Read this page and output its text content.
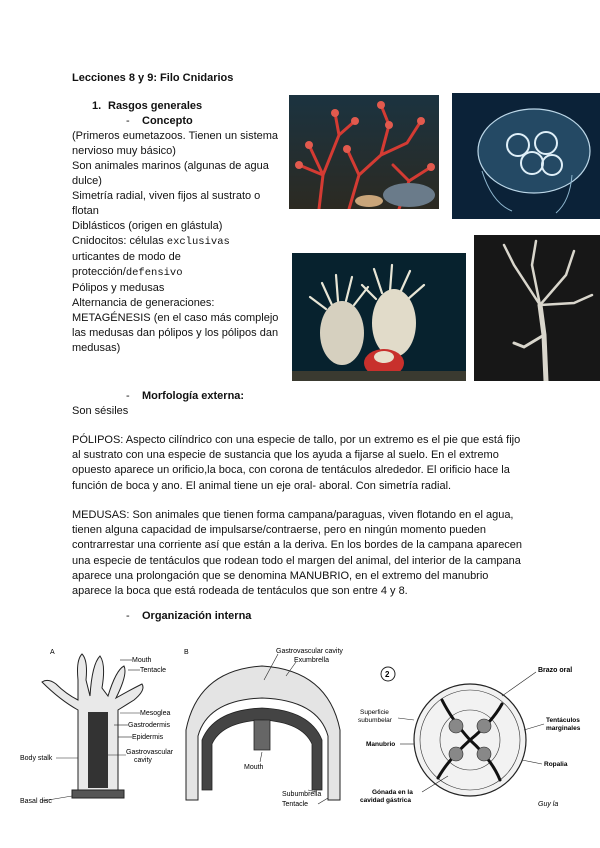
Lecciones 8 y 9: Filo Cnidarios
1. Rasgos generales
- Concepto
(Primeros eumetazoos. Tienen un sistema
nervioso muy básico)
Son animales marinos (algunas de agua
dulce)
Simetría radial, viven fijos al sustrato o
flotan
Diblásticos (origen en glástula)
Cnidocitos: células exclusivas
urticantes de modo de
protección/defensivo
Pólipos y medusas
Alternancia de generaciones:
METAGÉNESIS (en el caso más complejo
las medusas dan pólipos y los pólipos dan
medusas)
- Morfología externa:
Son sésiles
PÓLIPOS: Aspecto cilíndrico con una especie de tallo, por un extremo es el pie que está fijo al sustrato con una especie de sustancia que los ayuda a fijarse al suelo. En el extremo opuesto aparece un orificio,la boca, con corona de tentáculos alrededor. El orificio hace la función de boca y ano. El animal tiene un eje oral- aboral. Con simetría radial.
MEDUSAS: Son animales que tienen forma campana/paraguas, viven flotando en el agua, tienen alguna capacidad de impulsarse/contraerse, pero en ningún momento pueden contrarrestar una corriente así que están a la deriva. En los bordes de la campana aparecen una especie de tentáculos que rodean todo el margen del animal, del interior de la campana aparece una prolongación que se denomina MANUBRIO, en el extremo del manubrio aparece la boca que está rodeada de tentáculos que son entre 4 y 8.
- Organización interna
A
Mouth
Tentacle
Mesoglea
Gastrodermis
Epidermis
Body stalk
Gastrovascular
cavity
Basal disc
B	Gastrovascular cavity
Exumbrella
Mouth
Subumbrella
Tentacle
2	Brazo oral
Superficie
subumbelar	Tentáculos
marginales
Manubrio
Ropalia
Gónada en la
cavidad gástrica
Guy la
